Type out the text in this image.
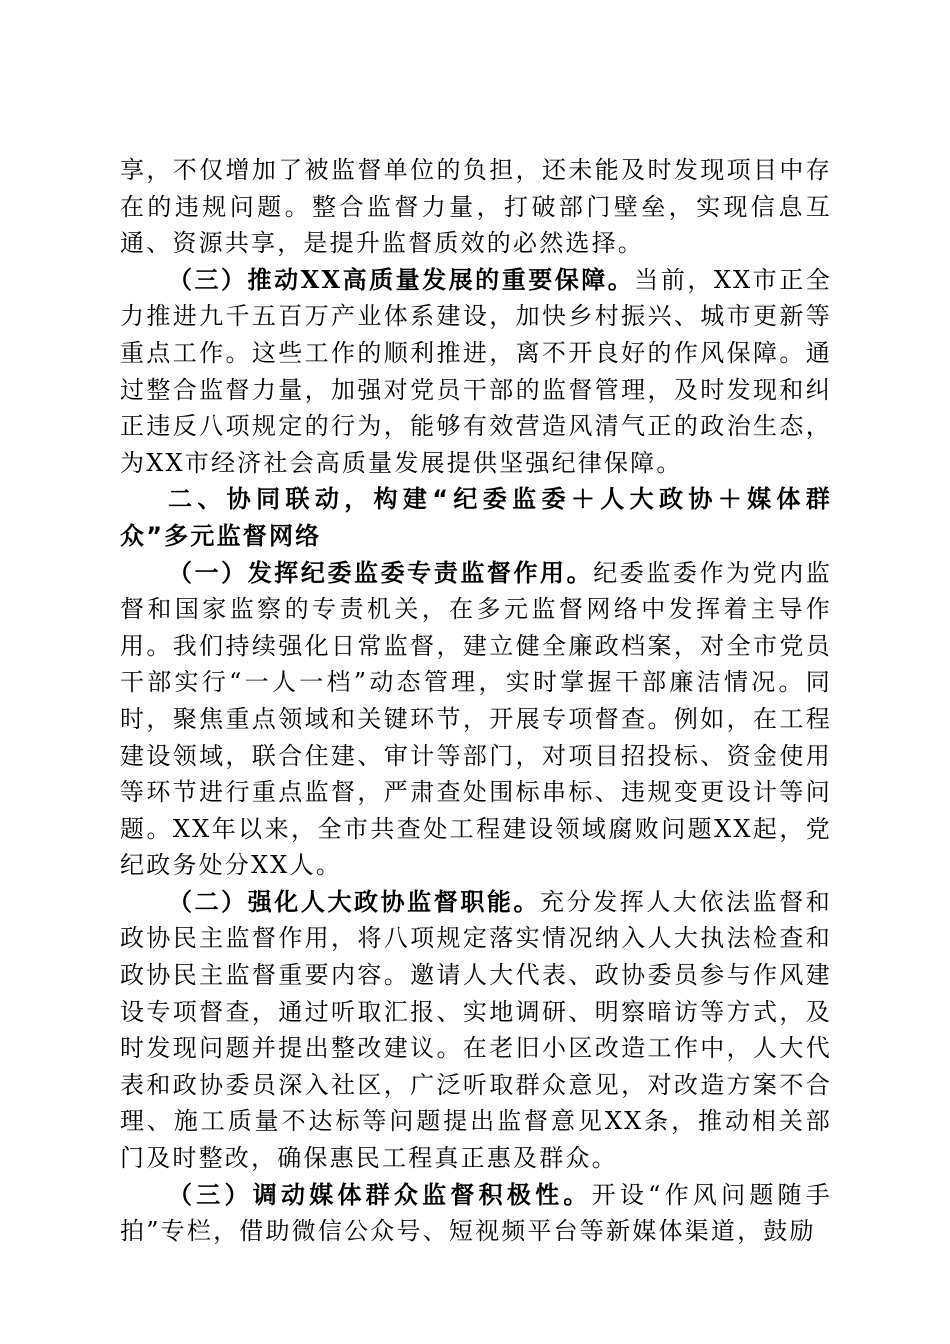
享，不仅增加了被监督单位的负担，还未能及时发现项目中存在的违规问题。整合监督力量，打破部门壁垒，实现信息互通、资源共享，是提升监督质效的必然选择。

（三）推动XX高质量发展的重要保障。当前，XX市正全力推进九千五百万产业体系建设，加快乡村振兴、城市更新等重点工作。这些工作的顺利推进，离不开良好的作风保障。通过整合监督力量，加强对党员干部的监督管理，及时发现和纠正违反八项规定的行为，能够有效营造风清气正的政治生态，为XX市经济社会高质量发展提供坚强纪律保障。

二、协同联动，构建“纪委监委＋人大政协＋媒体群众”多元监督网络

（一）发挥纪委监委专责监督作用。纪委监委作为党内监督和国家监察的专责机关，在多元监督网络中发挥着主导作用。我们持续强化日常监督，建立健全廉政档案，对全市党员干部实行“一人一档”动态管理，实时掌握干部廉洁情况。同时，聚焦重点领域和关键环节，开展专项督查。例如，在工程建设领域，联合住建、审计等部门，对项目招投标、资金使用等环节进行重点监督，严肃查处围标串标、违规变更设计等问题。XX年以来，全市共查处工程建设领域腐败问题XX起，党纪政务处分XX人。

（二）强化人大政协监督职能。充分发挥人大依法监督和政协民主监督作用，将八项规定落实情况纳入人大执法检查和政协民主监督重要内容。邀请人大代表、政协委员参与作风建设专项督查，通过听取汇报、实地调研、明察暗访等方式，及时发现问题并提出整改建议。在老旧小区改造工作中，人大代表和政协委员深入社区，广泛听取群众意见，对改造方案不合理、施工质量不达标等问题提出监督意见XX条，推动相关部门及时整改，确保惠民工程真正惠及群众。

（三）调动媒体群众监督积极性。开设“作风问题随手拍”专栏，借助微信公众号、短视频平台等新媒体渠道，鼓励
